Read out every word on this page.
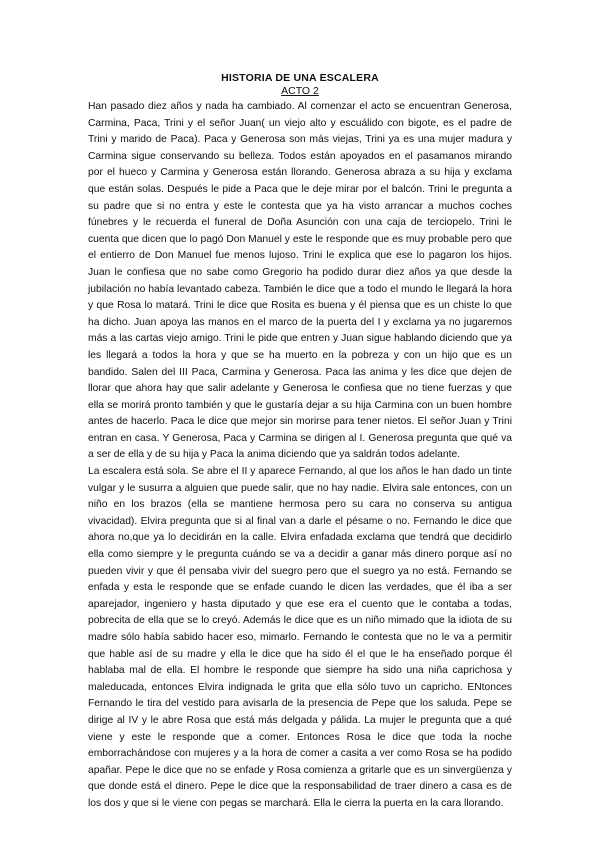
HISTORIA DE UNA ESCALERA

ACTO 2

Han pasado diez años y nada ha cambiado. Al comenzar el acto se encuentran Generosa, Carmina, Paca, Trini y el señor Juan( un viejo alto y escuálido con bigote, es el padre de Trini y marido de Paca). Paca y Generosa son más viejas, Trini ya es una mujer madura y Carmina sigue conservando su belleza. Todos están apoyados en el pasamanos mirando por el hueco y Carmina y Generosa están llorando. Generosa abraza a su hija y exclama que están solas. Después le pide a Paca que le deje mirar por el balcón. Trini le pregunta a su padre que si no entra y este le contesta que ya ha visto arrancar a muchos coches fúnebres y le recuerda el funeral de Doña Asunción con una caja de terciopelo. Trini le cuenta que dicen que lo pagó Don Manuel y este le responde que es muy probable pero que el entierro de Don Manuel fue menos lujoso. Trini le explica que ese lo pagaron los hijos. Juan le confiesa que no sabe como Gregorio ha podido durar diez años ya que desde la jubilación no había levantado cabeza. También le dice que a todo el mundo le llegará la hora y que Rosa lo matará. Trini le dice que Rosita es buena y él piensa que es un chiste lo que ha dicho. Juan apoya las manos en el marco de la puerta del I y exclama ya no jugaremos más a las cartas viejo amigo. Trini le pide que entren y Juan sigue hablando diciendo que ya les llegará a todos la hora y que se ha muerto en la pobreza y con un hijo que es un bandido. Salen del III Paca, Carmina y Generosa. Paca las anima y les dice que dejen de llorar que ahora hay que salir adelante y Generosa le confiesa que no tiene fuerzas y que ella se morirá pronto también y que le gustaría dejar a su hija Carmina con un buen hombre antes de hacerlo. Paca le dice que mejor sin morirse para tener nietos. El señor Juan y Trini entran en casa. Y Generosa, Paca y Carmina se dirigen al I. Generosa pregunta que qué va a ser de ella y de su hija y Paca la anima diciendo que ya saldrán todos adelante.

La escalera está sola. Se abre el II y aparece Fernando, al que los años le han dado un tinte vulgar y le susurra a alguien que puede salir, que no hay nadie. Elvira sale entonces, con un niño en los brazos (ella se mantiene hermosa pero su cara no conserva su antigua vivacidad). Elvira pregunta que si al final van a darle el pésame o no. Fernando le dice que ahora no,que ya lo decidirán en la calle. Elvira enfadada exclama que tendrá que decidirlo ella como siempre y le pregunta cuándo se va a decidir a ganar más dinero porque así no pueden vivir y que él pensaba vivir del suegro pero que el suegro ya no está. Fernando se enfada y esta le responde que se enfade cuando le dicen las verdades, que él iba a ser aparejador, ingeniero y hasta diputado y que ese era el cuento que le contaba a todas, pobrecita de ella que se lo creyó. Además le dice que es un niño mimado que la idiota de su madre sólo había sabido hacer eso, mimarlo. Fernando le contesta que no le va a permitir que hable así de su madre y ella le dice que ha sido él el que le ha enseñado porque él hablaba mal de ella. El hombre le responde que siempre ha sido una niña caprichosa y maleducada, entonces Elvira indignada le grita que ella sólo tuvo un capricho. ENtonces Fernando le tira del vestido para avisarla de la presencia de Pepe que los saluda. Pepe se dirige al IV y le abre Rosa que está más delgada y pálida. La mujer le pregunta que a qué viene y este le responde que a comer. Entonces Rosa le dice que toda la noche emborrachándose con mujeres y a la hora de comer a casita a ver como Rosa se ha podido apañar. Pepe le dice que no se enfade y Rosa comienza a gritarle que es un sinvergüenza y que donde está el dinero. Pepe le dice que la responsabilidad de traer dinero a casa es de los dos y que si le viene con pegas se marchará. Ella le cierra la puerta en la cara llorando.
